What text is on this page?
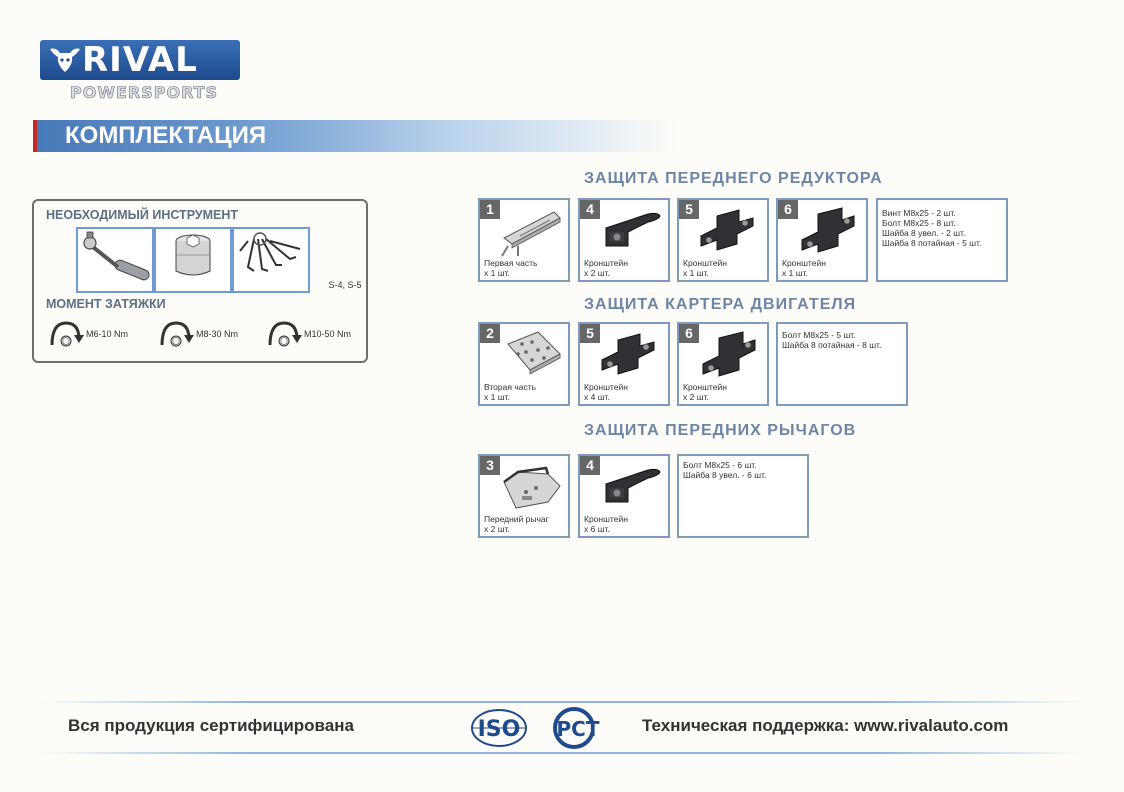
RIVAL
POWERSPORTS
КОМПЛЕКТАЦИЯ
НЕОБХОДИМЫЙ ИНСТРУМЕНТ
S-4, S-5
МОМЕНТ ЗАТЯЖКИ
M6-10 Nm	M8-30 Nm	M10-50 Nm
ЗАЩИТА ПЕРЕДНЕГО РЕДУКТОРА
1
Первая часть
х 1 шт.
4
Кронштейн
х 2 шт.
5
Кронштейн
х 1 шт.
6
Кронштейн
х 1 шт.
Винт М8х25 - 2 шт.
Болт М8х25 - 8 шт.
Шайба 8 увел. - 2 шт.
Шайба 8 потайная - 5 шт.
ЗАЩИТА КАРТЕРА ДВИГАТЕЛЯ
2
Вторая часть
х 1 шт.
5
Кронштейн
х 4 шт.
6
Кронштейн
х 2 шт.
Болт М8х25 - 5 шт.
Шайба 8 потайная - 8 шт.
ЗАЩИТА ПЕРЕДНИХ РЫЧАГОВ
3
Передний рычаг
х 2 шт.
4
Кронштейн
х 6 шт.
Болт М8х25 - 6 шт.
Шайба 8 увел. - 6 шт.
Вся продукция сертифицирована	ISO РСТ	Техническая поддержка: www.rivalauto.com
